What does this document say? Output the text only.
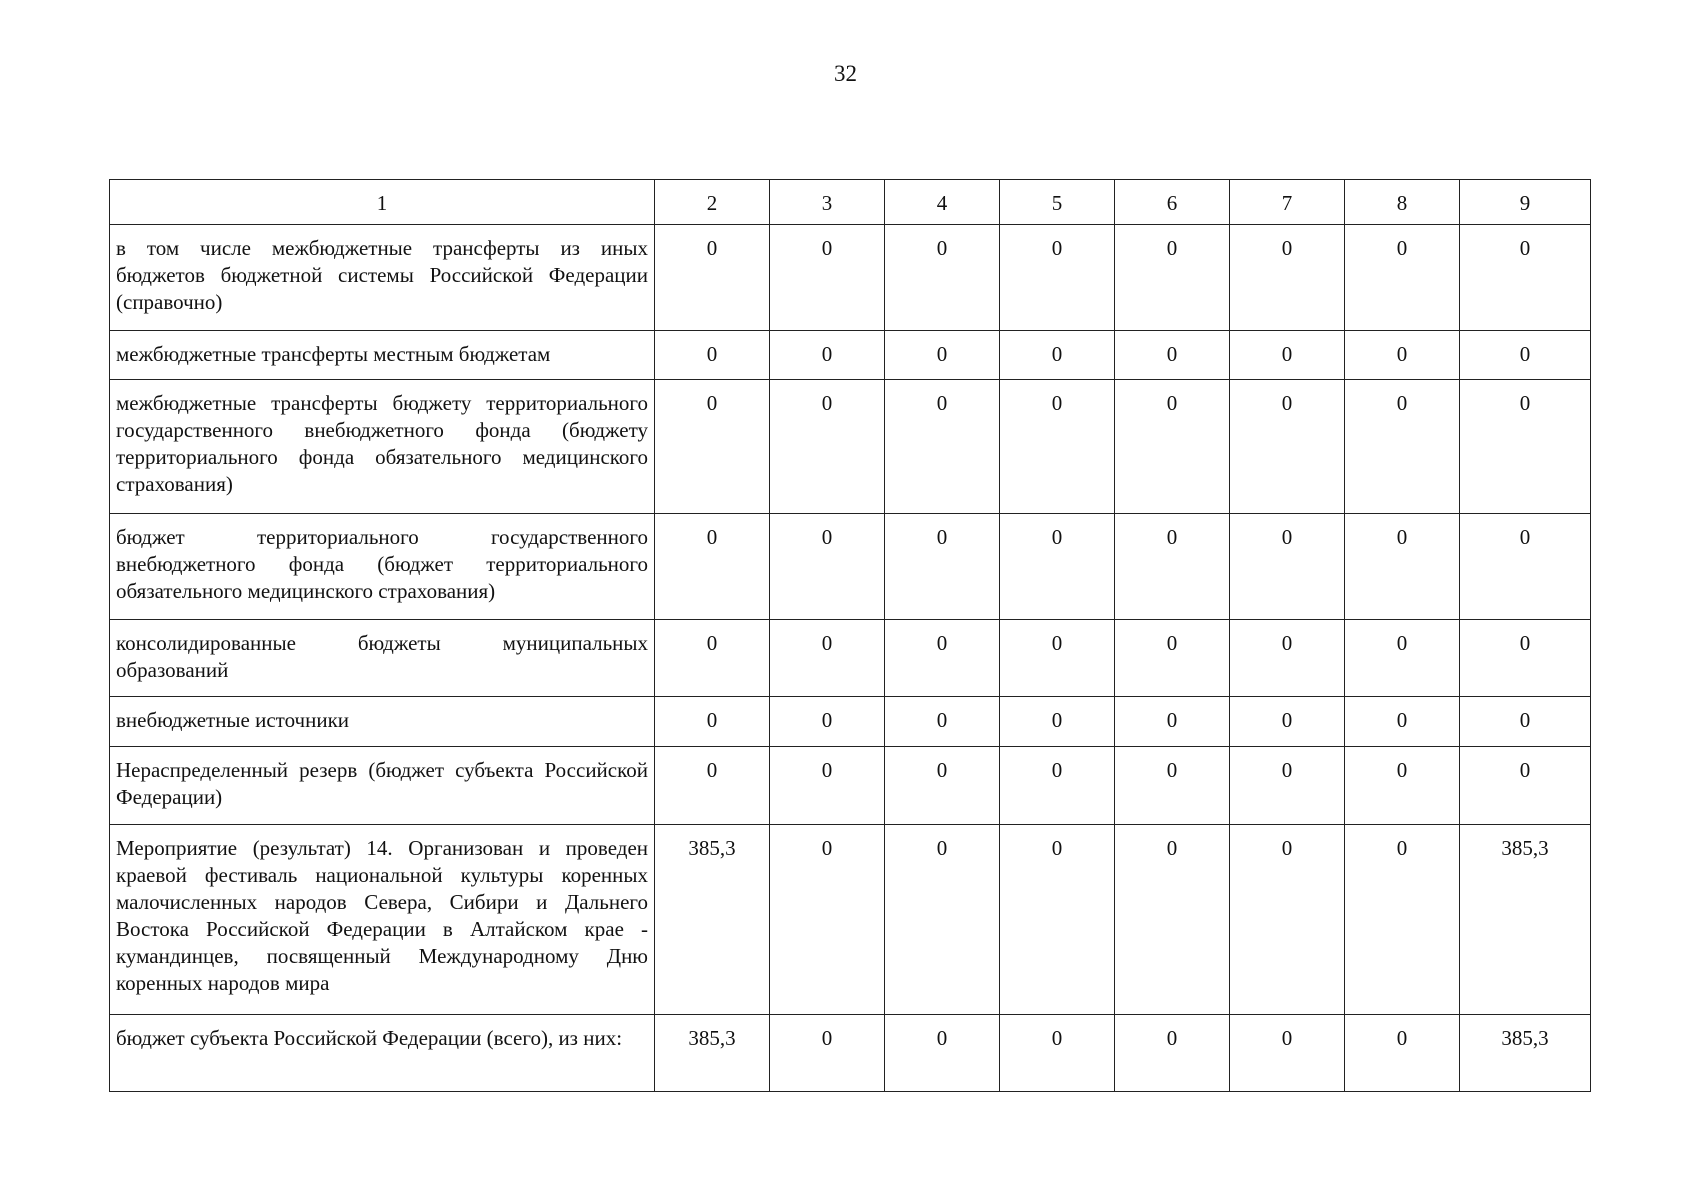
32
1	2	3	4	5	6	7	8	9
в том числе межбюджетные трансферты из иных бюджетов бюджетной системы Российской Федерации (справочно)	0	0	0	0	0	0	0	0
межбюджетные трансферты местным бюджетам	0	0	0	0	0	0	0	0
межбюджетные трансферты бюджету территориального государственного внебюджетного фонда (бюджету территориального фонда обязательного медицинского страхования)	0	0	0	0	0	0	0	0
бюджет территориального государственного внебюджетного фонда (бюджет территориального обязательного медицинского страхования)	0	0	0	0	0	0	0	0
консолидированные бюджеты муниципальных образований	0	0	0	0	0	0	0	0
внебюджетные источники	0	0	0	0	0	0	0	0
Нераспределенный резерв (бюджет субъекта Российской Федерации)	0	0	0	0	0	0	0	0
Мероприятие (результат) 14. Организован и проведен краевой фестиваль национальной культуры коренных малочисленных народов Севера, Сибири и Дальнего Востока Российской Федерации в Алтайском крае - кумандинцев, посвященный Международному Дню коренных народов мира	385,3	0	0	0	0	0	0	385,3
бюджет субъекта Российской Федерации (всего), из них:	385,3	0	0	0	0	0	0	385,3
